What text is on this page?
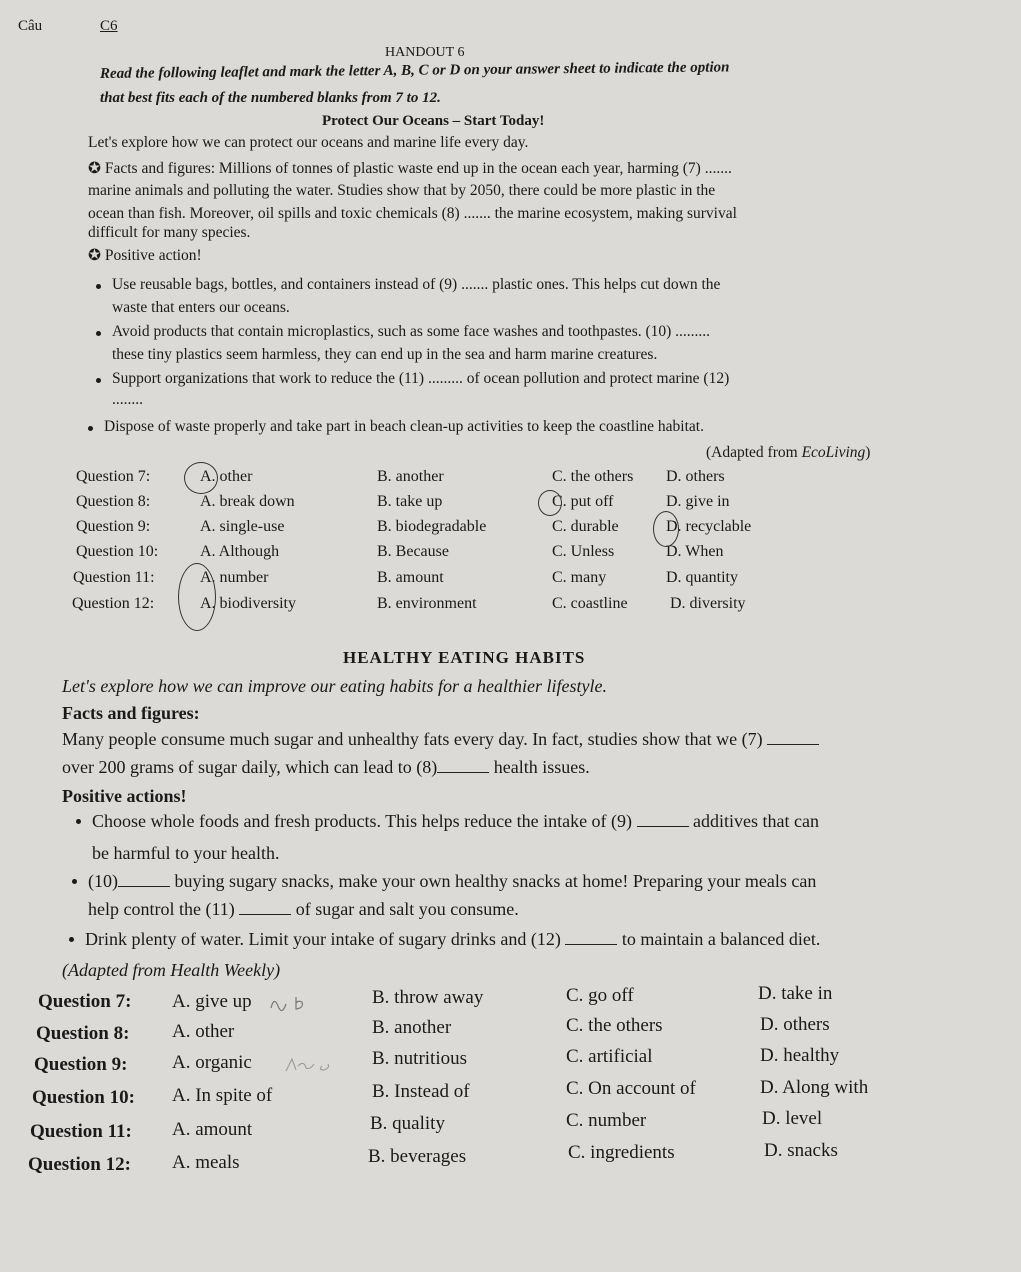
Câu	C6
HANDOUT 6
Read the following leaflet and mark the letter A, B, C or D on your answer sheet to indicate the option
that best fits each of the numbered blanks from 7 to 12.
Protect Our Oceans – Start Today!
Let's explore how we can protect our oceans and marine life every day.
✪ Facts and figures: Millions of tonnes of plastic waste end up in the ocean each year, harming (7) .......
marine animals and polluting the water. Studies show that by 2050, there could be more plastic in the
ocean than fish. Moreover, oil spills and toxic chemicals (8) ....... the marine ecosystem, making survival
difficult for many species.
✪ Positive action!
Use reusable bags, bottles, and containers instead of (9) ....... plastic ones. This helps cut down the
waste that enters our oceans.
Avoid products that contain microplastics, such as some face washes and toothpastes. (10) .........
these tiny plastics seem harmless, they can end up in the sea and harm marine creatures.
Support organizations that work to reduce the (11) ......... of ocean pollution and protect marine (12)
........
Dispose of waste properly and take part in beach clean-up activities to keep the coastline habitat.
(Adapted from EcoLiving)
Question 7:	A. other	B. another	C. the others D. others
Question 8:	A. break down	B. take up	C. put off	D. give in
Question 9:	A. single-use	B. biodegradable	C. durable	D. recyclable
Question 10:	A. Although	B. Because	C. Unless	D. When
Question 11:	A. number	B. amount	C. many	D. quantity
Question 12:	A. biodiversity	B. environment	C. coastline	D. diversity
HEALTHY EATING HABITS
Let's explore how we can improve our eating habits for a healthier lifestyle.
Facts and figures:
Many people consume much sugar and unhealthy fats every day. In fact, studies show that we (7)
over 200 grams of sugar daily, which can lead to (8)	health issues.
Positive actions!
Choose whole foods and fresh products. This helps reduce the intake of (9)	additives that can
be harmful to your health.
(10)	buying sugary snacks, make your own healthy snacks at home! Preparing your meals can
help control the (11)	of sugar and salt you consume.
Drink plenty of water. Limit your intake of sugary drinks and (12)	to maintain a balanced diet.
(Adapted from Health Weekly)
Question 7: A. give up	B. throw away	C. go off	D. take in
Question 8: A. other	B. another	C. the others	D. others
Question 9: A. organic	B. nutritious	C. artificial	D. healthy
Question 10: A. In spite of	B. Instead of	C. On account of	D. Along with
Question 11: A. amount	B. quality	C. number	D. level
Question 12: A. meals	B. beverages	C. ingredients	D. snacks
